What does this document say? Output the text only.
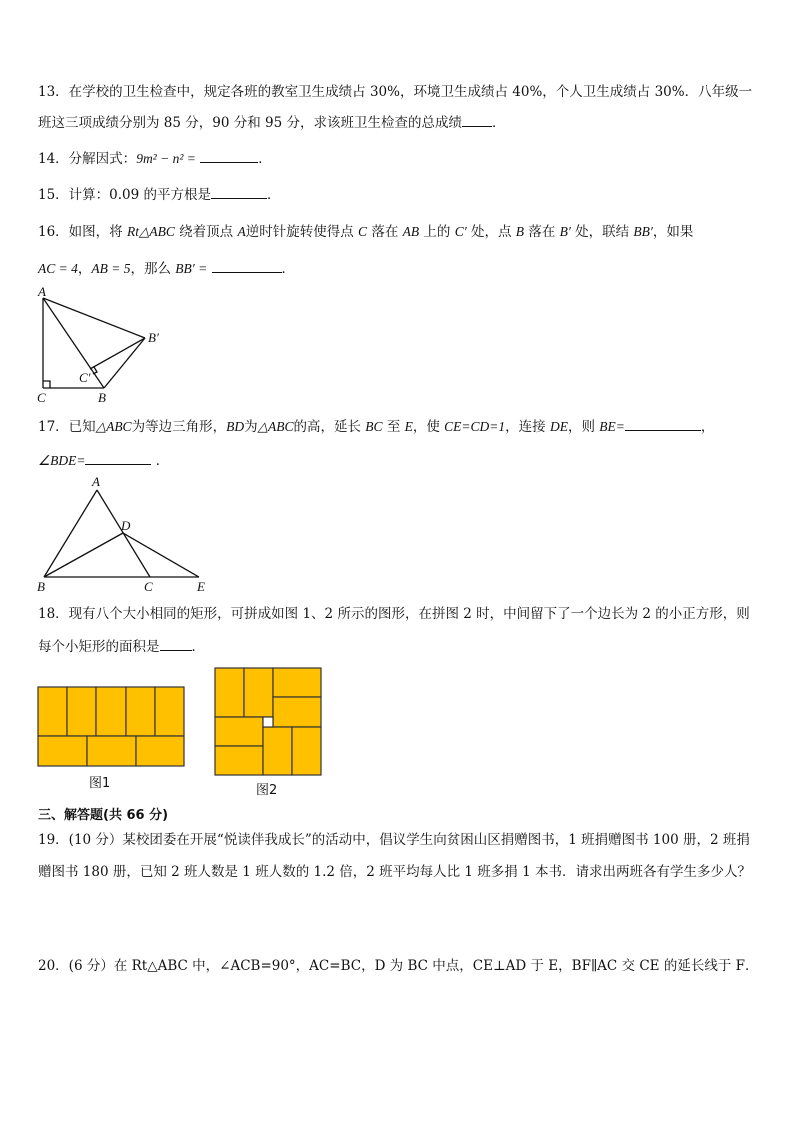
13．在学校的卫生检查中，规定各班的教室卫生成绩占 30%，环境卫生成绩占 40%，个人卫生成绩占 30%．八年级一
班这三项成绩分别为 85 分，90 分和 95 分，求该班卫生检查的总成绩 ．
14．分解因式：9m² − n² =	．
15．计算：0.09 的平方根是	．
16．如图，将 Rt△ABC 绕着顶点 A逆时针旋转使得点 C 落在 AB 上的 C′ 处，点 B 落在 B′ 处，联结 BB′，如果
AC = 4，AB = 5，那么 BB′ =	．
A
B′
C′
C	B
17．已知△ABC为等边三角形，BD为△ABC的高，延长 BC 至 E，使 CE=CD=1，连接 DE，则 BE=	，
∠BDE=	．
A
D
B	C	E
18．现有八个大小相同的矩形，可拼成如图 1、2 所示的图形，在拼图 2 时，中间留下了一个边长为 2 的小正方形，则
每个小矩形的面积是 ．
图1	图2
三、解答题(共 66 分)
19．(10 分）某校团委在开展“悦读伴我成长”的活动中，倡议学生向贫困山区捐赠图书，1 班捐赠图书 100 册，2 班捐
赠图书 180 册，已知 2 班人数是 1 班人数的 1.2 倍，2 班平均每人比 1 班多捐 1 本书．请求出两班各有学生多少人？
20．(6 分）在 Rt△ABC 中，∠ACB=90°，AC=BC，D 为 BC 中点，CE⊥AD 于 E，BF∥AC 交 CE 的延长线于 F．
